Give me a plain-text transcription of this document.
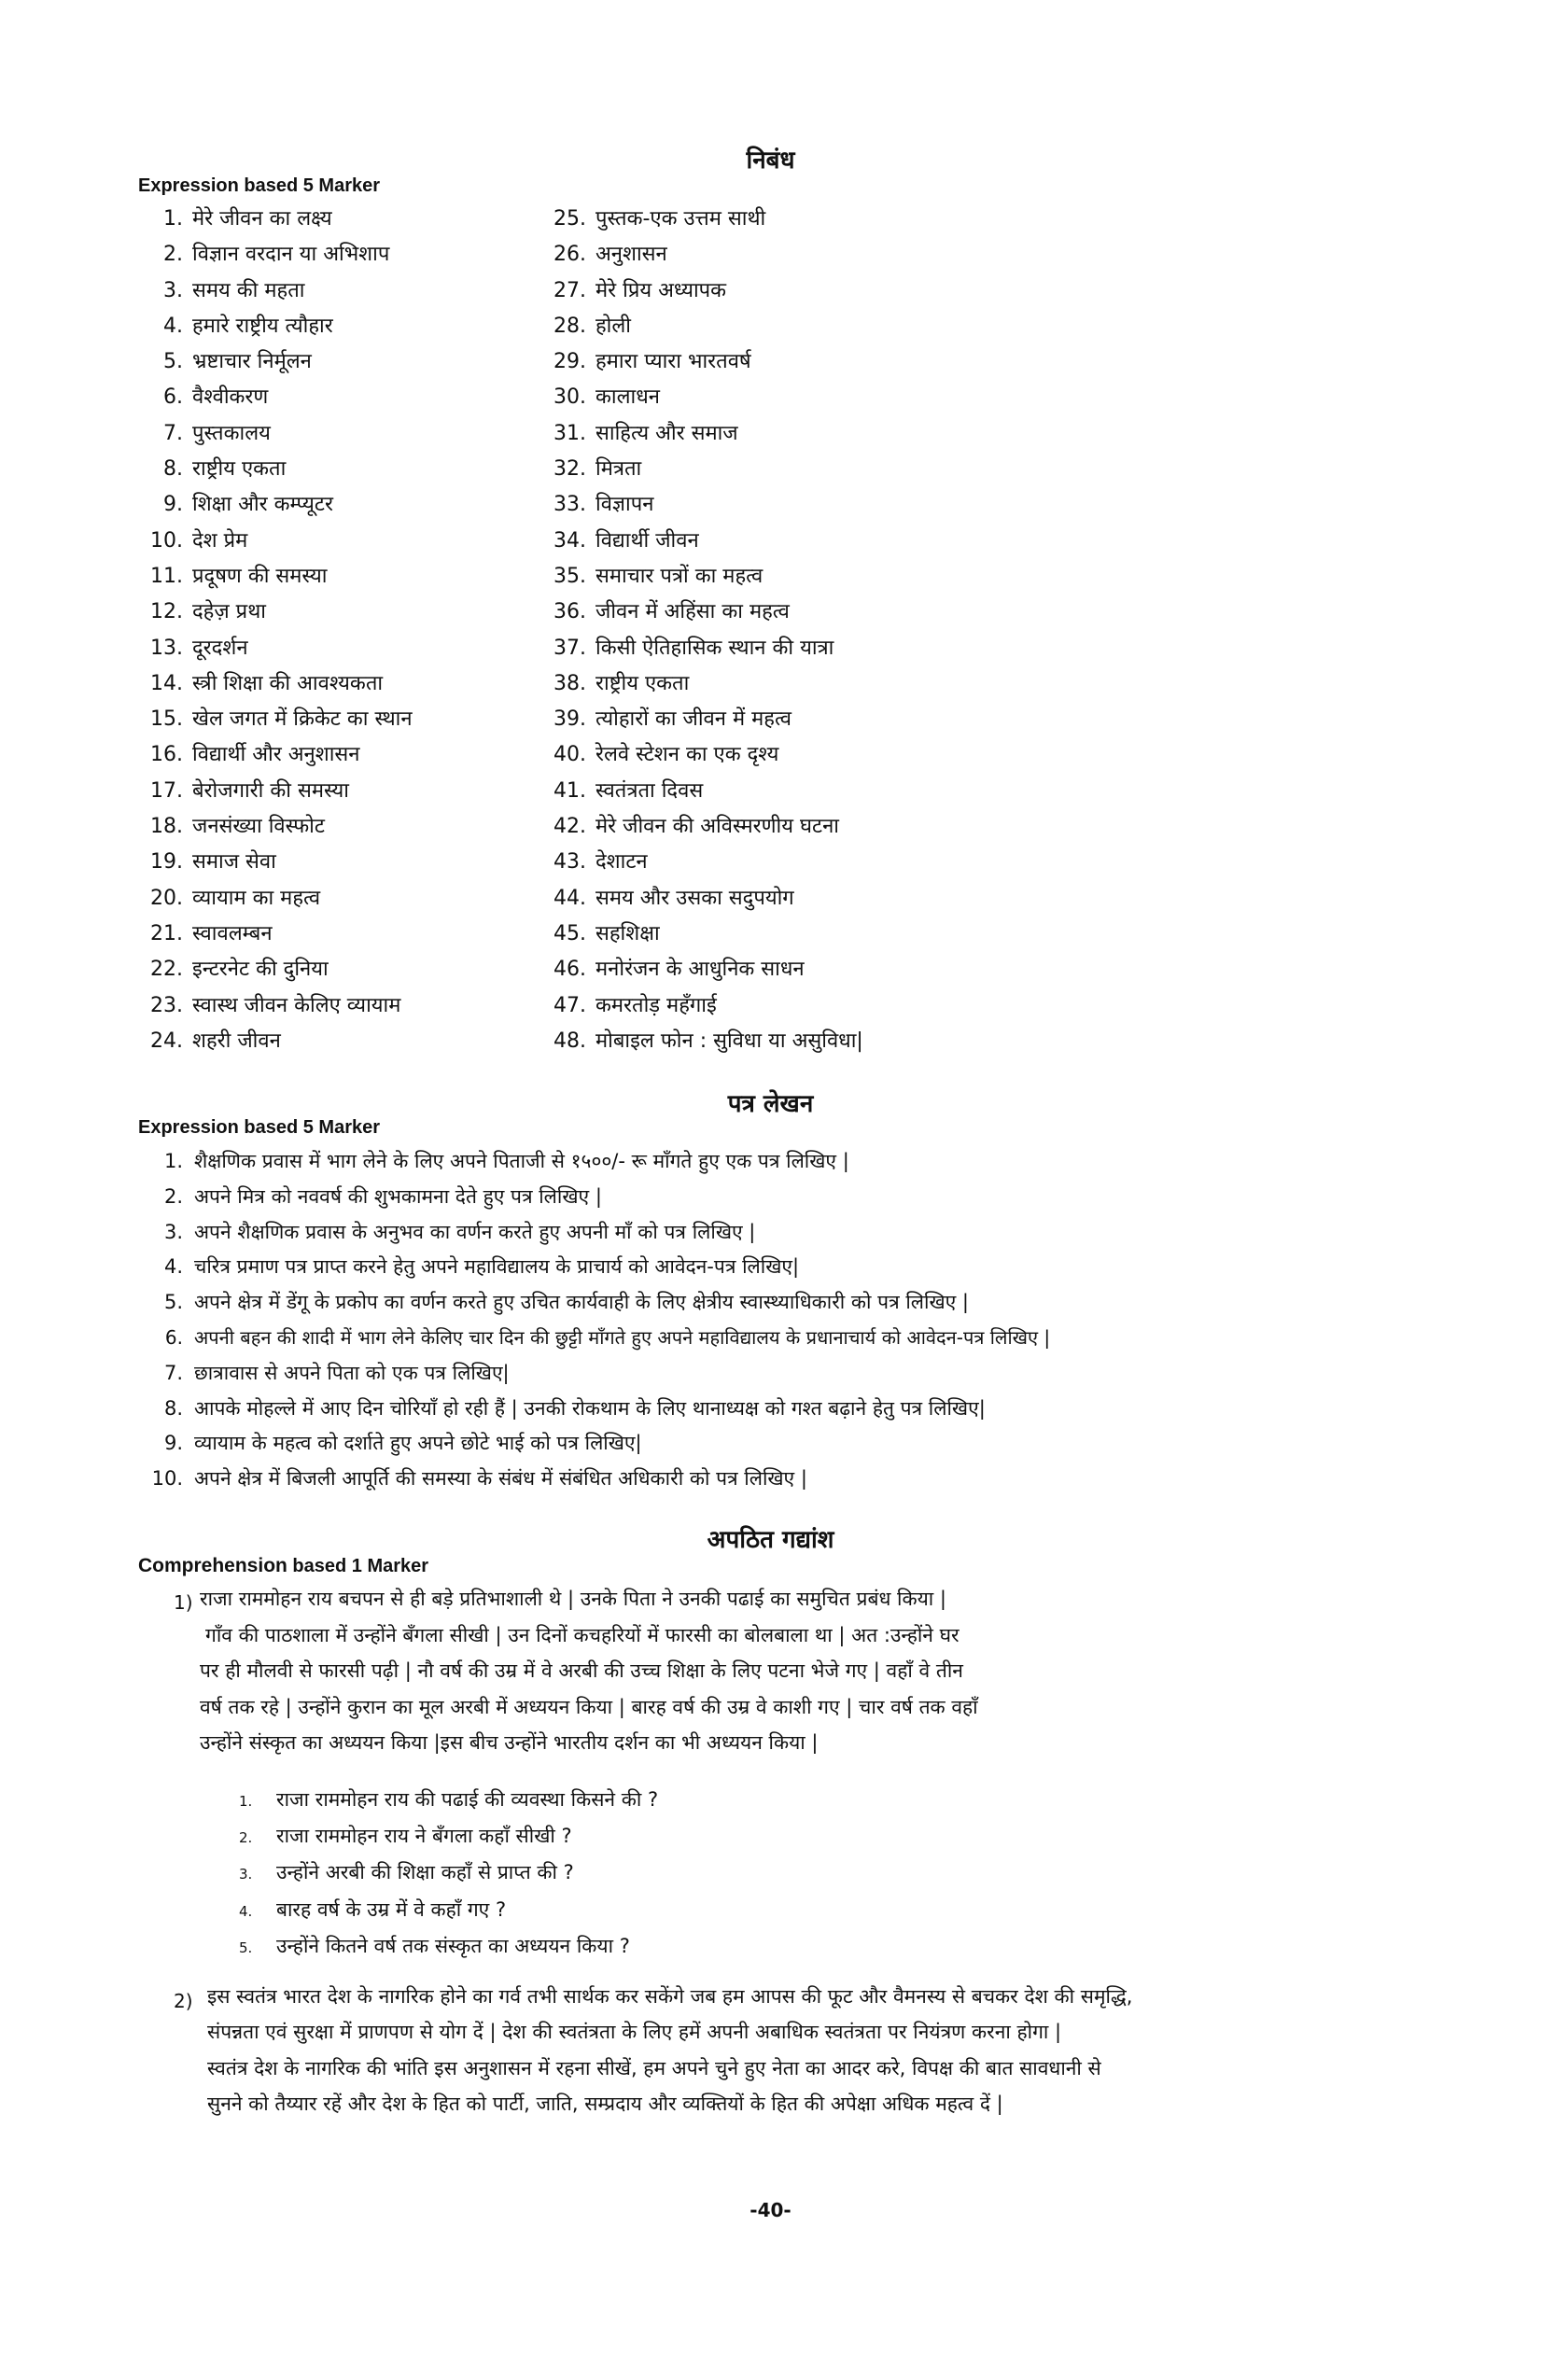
निबंध
Expression based 5 Marker
1. मेरे जीवन का लक्ष्य
2. विज्ञान वरदान या अभिशाप
3. समय की महता
4. हमारे राष्ट्रीय त्यौहार
5. भ्रष्टाचार निर्मूलन
6. वैश्वीकरण
7. पुस्तकालय
8. राष्ट्रीय एकता
9. शिक्षा और कम्प्यूटर
10. देश प्रेम
11. प्रदूषण की समस्या
12. दहेज़ प्रथा
13. दूरदर्शन
14. स्त्री शिक्षा की आवश्यकता
15. खेल जगत में क्रिकेट का स्थान
16. विद्यार्थी और अनुशासन
17. बेरोजगारी की समस्या
18. जनसंख्या विस्फोट
19. समाज सेवा
20. व्यायाम का महत्व
21. स्वावलम्बन
22. इन्टरनेट की दुनिया
23. स्वास्थ जीवन केलिए व्यायाम
24. शहरी जीवन
25. पुस्तक-एक उत्तम साथी
26. अनुशासन
27. मेरे प्रिय अध्यापक
28. होली
29. हमारा प्यारा भारतवर्ष
30. कालाधन
31. साहित्य और समाज
32. मित्रता
33. विज्ञापन
34. विद्यार्थी जीवन
35. समाचार पत्रों का महत्व
36. जीवन में अहिंसा का महत्व
37. किसी ऐतिहासिक स्थान की यात्रा
38. राष्ट्रीय एकता
39. त्योहारों का जीवन में महत्व
40. रेलवे स्टेशन का एक दृश्य
41. स्वतंत्रता दिवस
42. मेरे जीवन की अविस्मरणीय घटना
43. देशाटन
44. समय और उसका सदुपयोग
45. सहशिक्षा
46. मनोरंजन के आधुनिक साधन
47. कमरतोड़ महँगाई
48. मोबाइल फोन : सुविधा या असुविधा|
पत्र लेखन
Expression based 5 Marker
1. शैक्षणिक प्रवास में भाग लेने के लिए अपने पिताजी से १५००/- रू माँगते हुए एक पत्र लिखिए |
2. अपने मित्र को नववर्ष की शुभकामना देते हुए पत्र लिखिए |
3. अपने शैक्षणिक प्रवास के अनुभव का वर्णन करते हुए अपनी माँ को पत्र लिखिए |
4. चरित्र प्रमाण पत्र प्राप्त करने हेतु अपने महाविद्यालय के प्राचार्य को आवेदन-पत्र लिखिए|
5. अपने क्षेत्र में डेंगू के प्रकोप का वर्णन करते हुए उचित कार्यवाही के लिए क्षेत्रीय स्वास्थ्याधिकारी को पत्र लिखिए |
6. अपनी बहन की शादी में भाग लेने केलिए चार दिन की छुट्टी माँगते हुए अपने महाविद्यालय के प्रधानाचार्य को आवेदन-पत्र लिखिए |
7. छात्रावास से अपने पिता को एक पत्र लिखिए|
8. आपके मोहल्ले में आए दिन चोरियाँ हो रही हैं | उनकी रोकथाम के लिए थानाध्यक्ष को गश्त बढ़ाने हेतु पत्र लिखिए|
9. व्यायाम के महत्व को दर्शाते हुए अपने छोटे भाई को पत्र लिखिए|
10. अपने क्षेत्र में बिजली आपूर्ति की समस्या के संबंध में संबंधित अधिकारी को पत्र लिखिए |
अपठित गद्यांश
Comprehension based 1 Marker
1) राजा राममोहन राय बचपन से ही बड़े प्रतिभाशाली थे | उनके पिता ने उनकी पढाई का समुचित प्रबंध किया |
गाँव की पाठशाला में उन्होंने बँगला सीखी | उन दिनों कचहरियों में फारसी का बोलबाला था | अत :उन्होंने घर
पर ही मौलवी से फारसी पढ़ी | नौ वर्ष की उम्र में वे अरबी की उच्च शिक्षा के लिए पटना भेजे गए | वहाँ वे तीन
वर्ष तक रहे | उन्होंने कुरान का मूल अरबी में अध्ययन किया | बारह वर्ष की उम्र वे काशी गए | चार वर्ष तक वहाँ
उन्होंने संस्कृत का अध्ययन किया |इस बीच उन्होंने भारतीय दर्शन का भी अध्ययन किया |

1. राजा राममोहन राय की पढाई की व्यवस्था किसने की ?
2. राजा राममोहन राय ने बँगला कहाँ सीखी ?
3. उन्होंने अरबी की शिक्षा कहाँ से प्राप्त की ?
4. बारह वर्ष के उम्र में वे कहाँ गए ?
5. उन्होंने कितने वर्ष तक संस्कृत का अध्ययन किया ?
2) इस स्वतंत्र भारत देश के नागरिक होने का गर्व तभी सार्थक कर सकेंगे जब हम आपस की फूट और वैमनस्य से बचकर देश की समृद्धि,
संपन्नता एवं सुरक्षा में प्राणपण से योग दें | देश की स्वतंत्रता के लिए हमें अपनी अबाधिक स्वतंत्रता पर नियंत्रण करना होगा |
स्वतंत्र देश के नागरिक की भांति इस अनुशासन में रहना सीखें, हम अपने चुने हुए नेता का आदर करे, विपक्ष की बात सावधानी से
सुनने को तैय्यार रहें और देश के हित को पार्टी, जाति, सम्प्रदाय और व्यक्तियों के हित की अपेक्षा अधिक महत्व दें |

-40-
